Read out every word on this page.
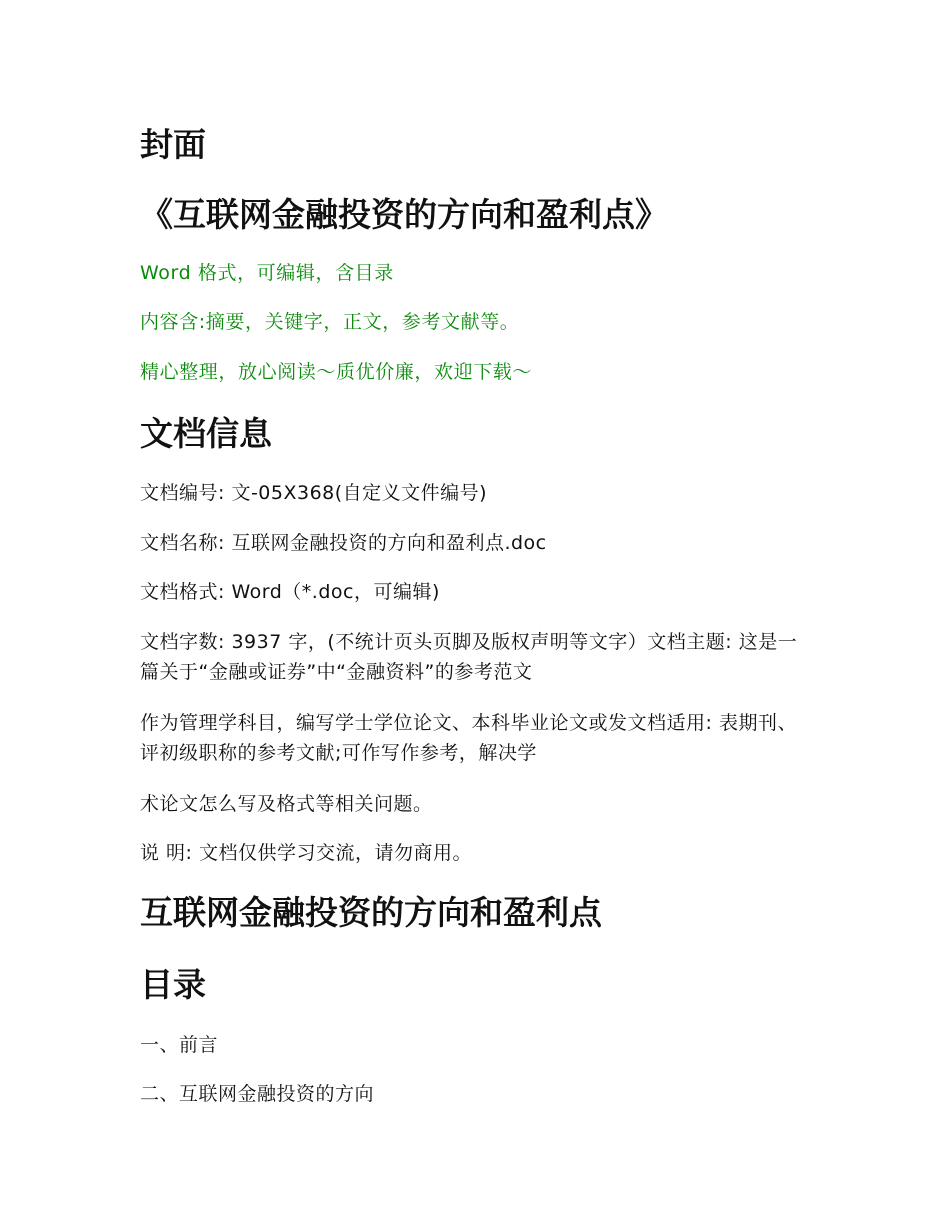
封面
《互联网金融投资的方向和盈利点》

Word 格式，可编辑，含目录

内容含:摘要，关键字，正文，参考文献等。

精心整理，放心阅读～质优价廉，欢迎下载～

文档信息

文档编号: 文-05X368(自定义文件编号)

文档名称: 互联网金融投资的方向和盈利点.doc

文档格式: Word（*.doc，可编辑)

文档字数: 3937 字，(不统计页头页脚及版权声明等文字）文档主题: 这是一篇关于“金融或证券”中“金融资料”的参考范文

作为管理学科目，编写学士学位论文、本科毕业论文或发文档适用: 表期刊、评初级职称的参考文献;可作写作参考，解决学

术论文怎么写及格式等相关问题。

说 明: 文档仅供学习交流，请勿商用。

互联网金融投资的方向和盈利点
目录

一、前言

二、互联网金融投资的方向
